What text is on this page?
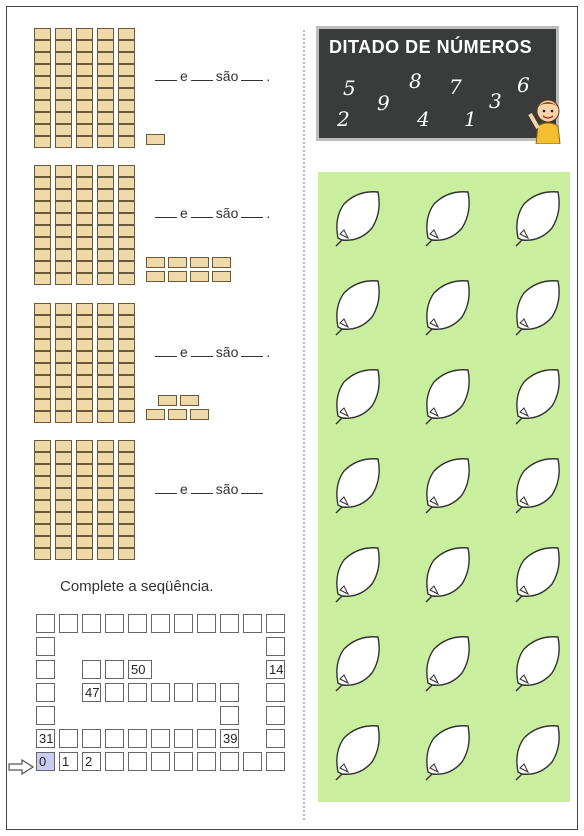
e são .
e são .
e são .
e são
Complete a seqüência.
31
14
0	1	2
39
47
50
DITADO DE NÚMEROS
5
2
9
8
4
7
1
3
6
